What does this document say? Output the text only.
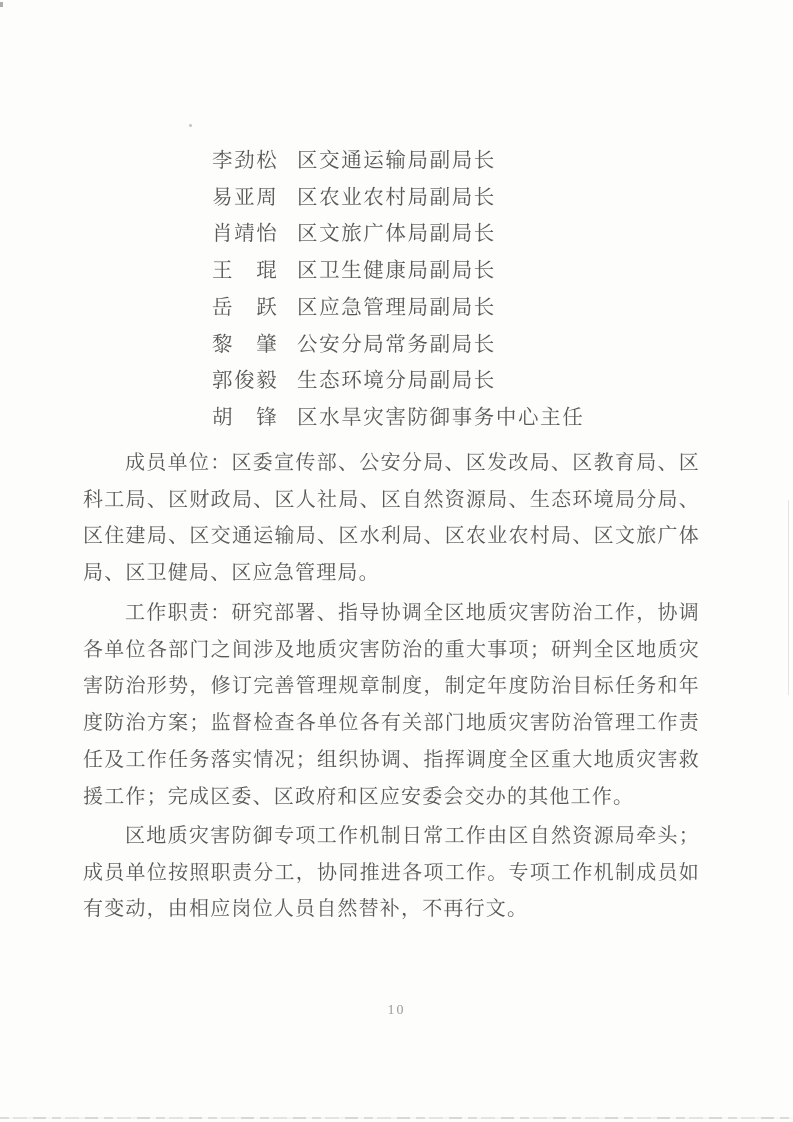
李劲松 区交通运输局副局长
易亚周 区农业农村局副局长
肖靖怡 区文旅广体局副局长
王　琨 区卫生健康局副局长
岳　跃 区应急管理局副局长
黎　肇 公安分局常务副局长
郭俊毅 生态环境分局副局长
胡　锋 区水旱灾害防御事务中心主任
成员单位：区委宣传部、公安分局、区发改局、区教育局、区
科工局、区财政局、区人社局、区自然资源局、生态环境局分局、
区住建局、区交通运输局、区水利局、区农业农村局、区文旅广体
局、区卫健局、区应急管理局。
工作职责：研究部署、指导协调全区地质灾害防治工作，协调
各单位各部门之间涉及地质灾害防治的重大事项；研判全区地质灾
害防治形势，修订完善管理规章制度，制定年度防治目标任务和年
度防治方案；监督检查各单位各有关部门地质灾害防治管理工作责
任及工作任务落实情况；组织协调、指挥调度全区重大地质灾害救
援工作；完成区委、区政府和区应安委会交办的其他工作。
区地质灾害防御专项工作机制日常工作由区自然资源局牵头；
成员单位按照职责分工，协同推进各项工作。专项工作机制成员如
有变动，由相应岗位人员自然替补，不再行文。
10
